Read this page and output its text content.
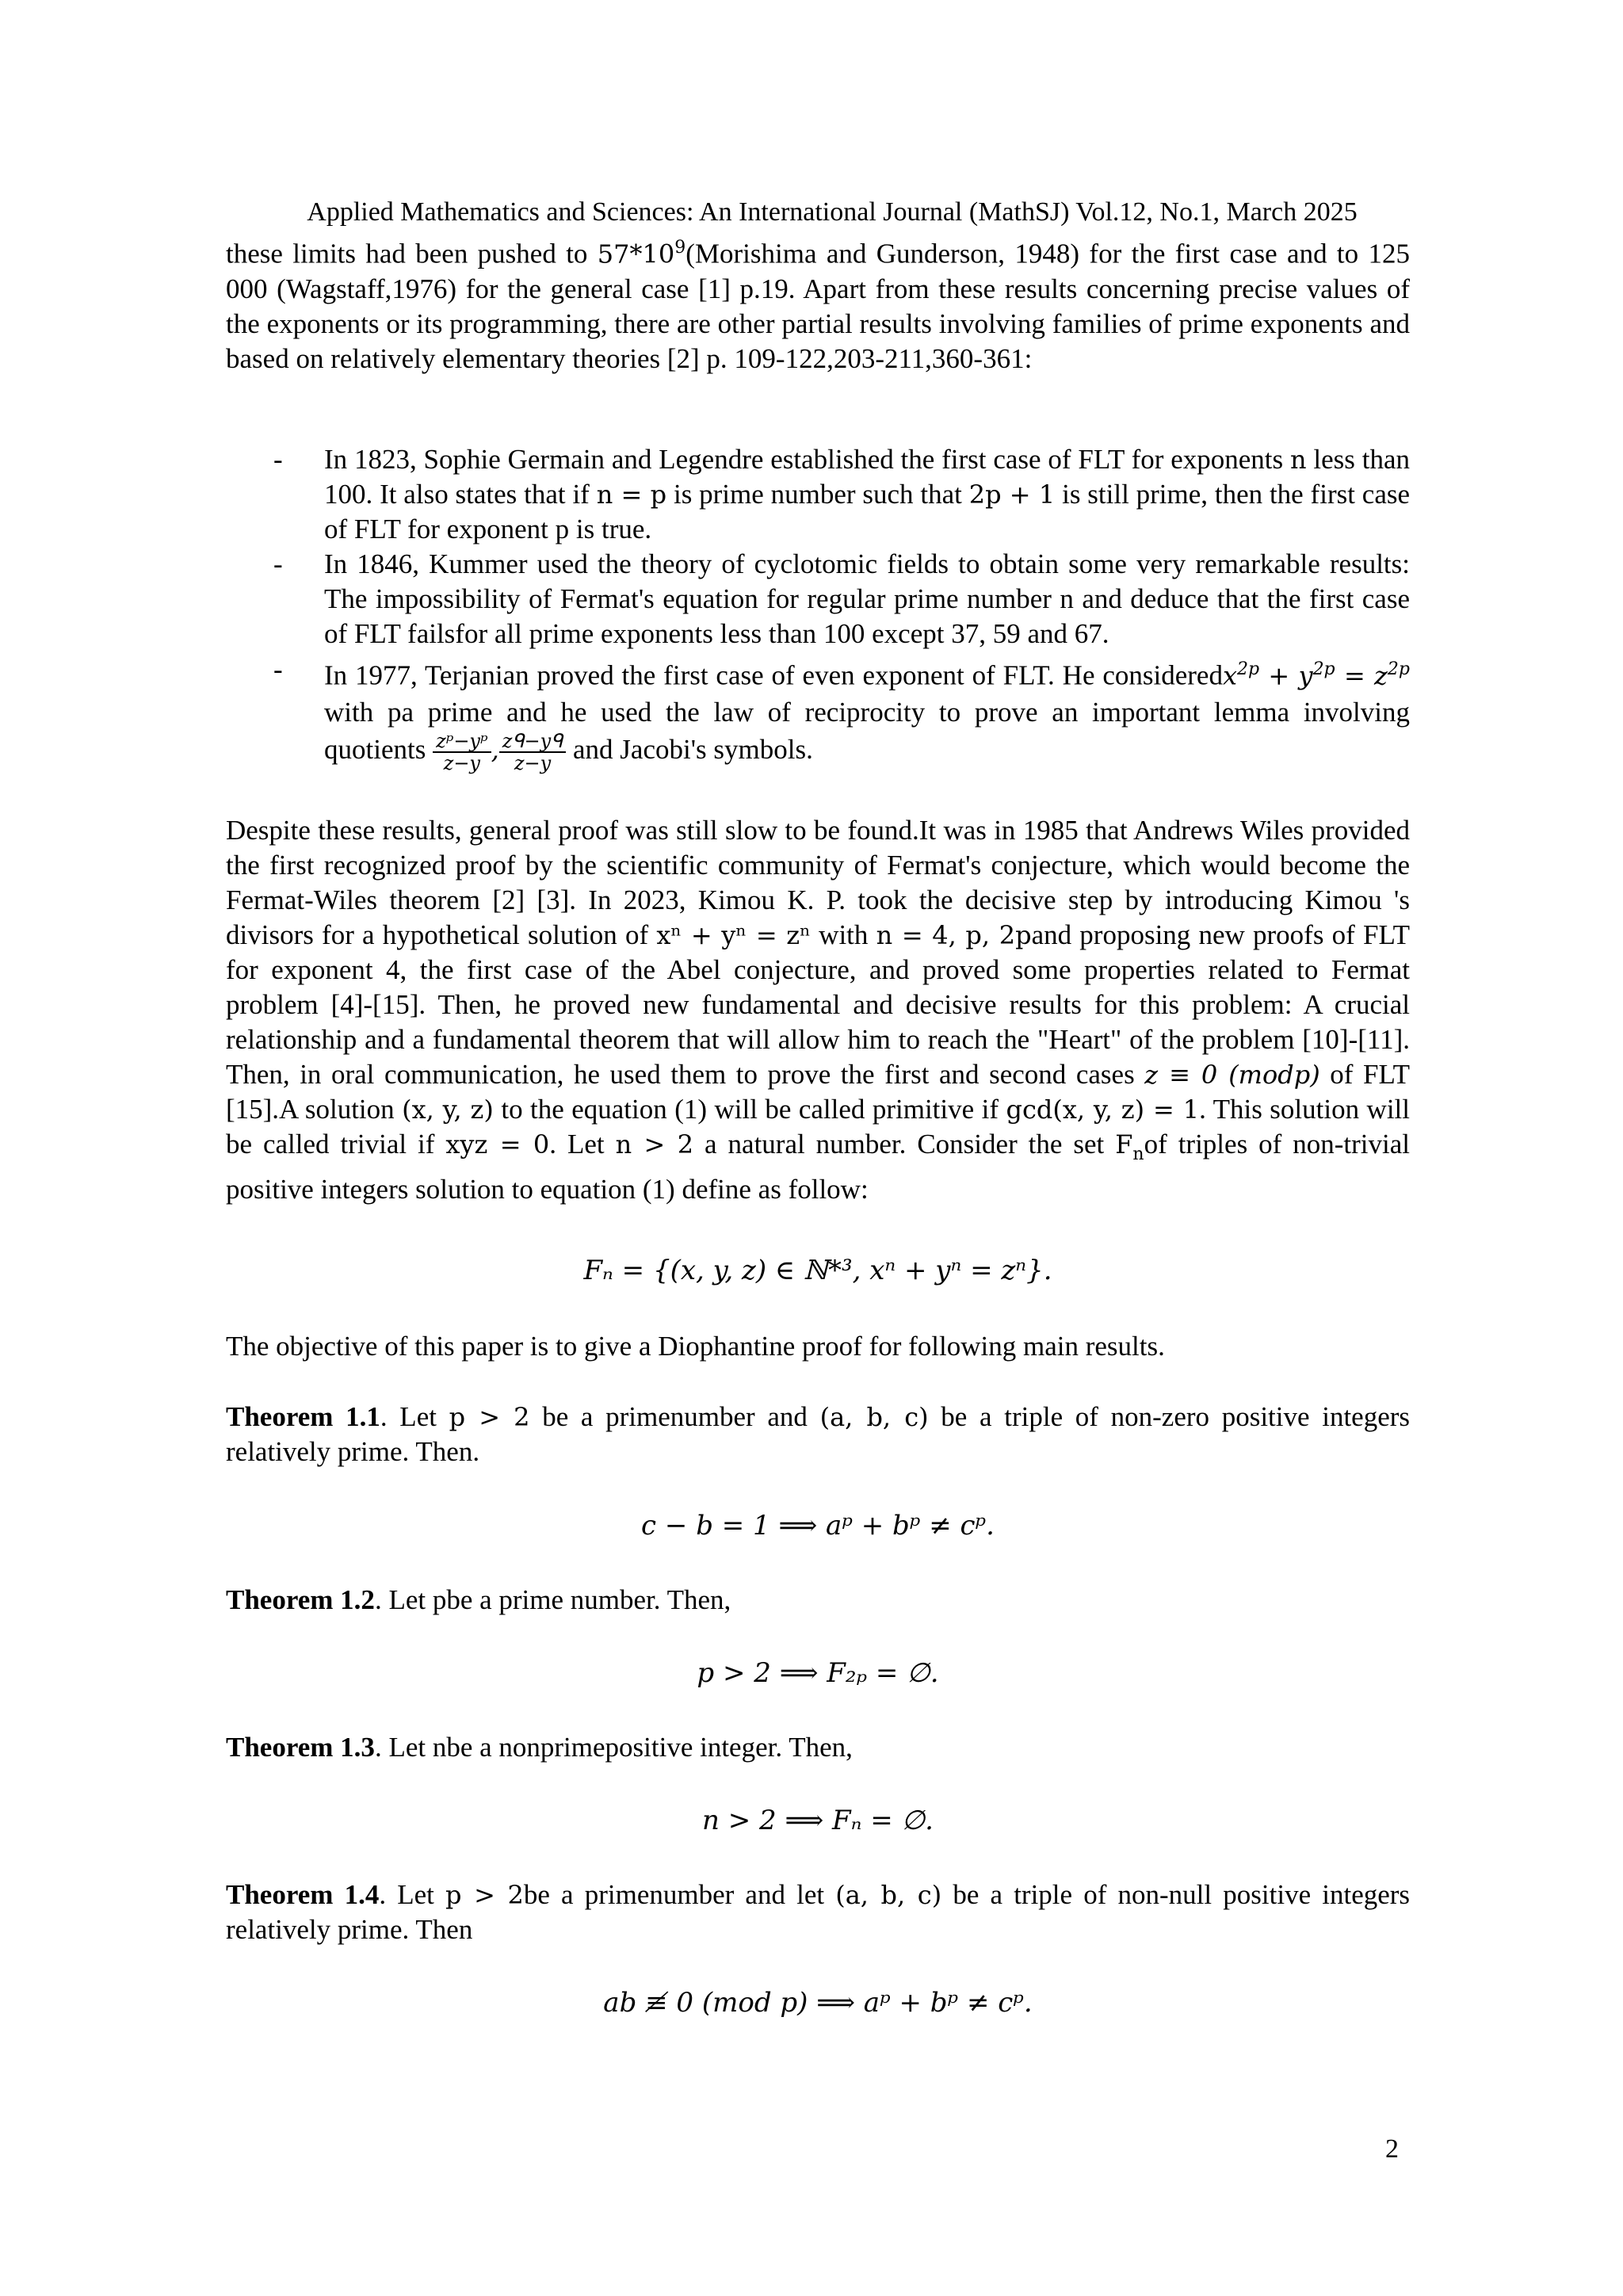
Applied Mathematics and Sciences: An International Journal (MathSJ) Vol.12, No.1, March 2025

these limits had been pushed to $57*10^9(Morishima$ and Gunderson, 1948) for the first case and to 125 000 (Wagstaff,1976) for the general case [1] p.19. Apart from these results concerning precise values of the exponents or its programming, there are other partial results involving families of prime exponents and based on relatively elementary theories [2] p. 109-122,203-211,360-361:

- In 1823, Sophie Germain and Legendre established the first case of FLT for exponents n less than 100. It also states that if n = p is prime number such that 2p + 1 is still prime, then the first case of FLT for exponent p is true.
- In 1846, Kummer used the theory of cyclotomic fields to obtain some very remarkable results: The impossibility of Fermat's equation for regular prime number n and deduce that the first case of FLT failsfor all prime exponents less than 100 except 37, 59 and 67.
- In 1977, Terjanian proved the first case of even exponent of FLT. He consideredx$^{2p}$ + $y^{2p} = z^{2p}$ with pa prime and he used the law of reciprocity to prove an important lemma involving quotients $\frac{\text{zᵖ−yᵖ}}{z-y}$ , $\frac{\text{zᑫ−yᑫ}}{z-y}$ and Jacobi's symbols.

Despite these results, general proof was still slow to be found.It was in 1985 that Andrews Wiles provided the first recognized proof by the scientific community of Fermat's conjecture, which would become the Fermat-Wiles theorem [2] [3]. In 2023, Kimou K. P. took the decisive step by introducing Kimou 's divisors for a hypothetical solution of xⁿ + yⁿ = zⁿ with n = 4, p, 2pand proposing new proofs of FLT for exponent 4, the first case of the Abel conjecture, and proved some properties related to Fermat problem [4]-[15]. Then, he proved new fundamental and decisive results for this problem: A crucial relationship and a fundamental theorem that will allow him to reach the "Heart" of the problem [10]-[11]. Then, in oral communication, he used them to prove the first and second cases z ≡ 0 (modp) of FLT [15].A solution (x, y, z) to the equation (1) will be called primitive if gcd(x, y, z) = 1. This solution will be called trivial if xyz = 0. Let n > 2 a natural number. Consider the set $F_nof$ triples of non-trivial positive integers solution to equation (1) define as follow:

Fₙ = {(x, y, z) ∈ ℕ*³, xⁿ + yⁿ = zⁿ}.

The objective of this paper is to give a Diophantine proof for following main results.

Theorem 1.1. Let p > 2 be a primenumber and (a, b, c) be a triple of non-zero positive integers relatively prime. Then.

c − b = 1 ⟹ aᵖ + bᵖ ≠ cᵖ.

Theorem 1.2. Let pbe a prime number. Then,

p > 2 ⟹ F₂ₚ = ∅.

Theorem 1.3. Let nbe a nonprimepositive integer. Then,

n > 2 ⟹ Fₙ = ∅.

Theorem 1.4. Let p > 2be a primenumber and let (a, b, c) be a triple of non-null positive integers relatively prime. Then

ab ≢ 0 (mod p) ⟹ aᵖ + bᵖ ≠ cᵖ.
2
